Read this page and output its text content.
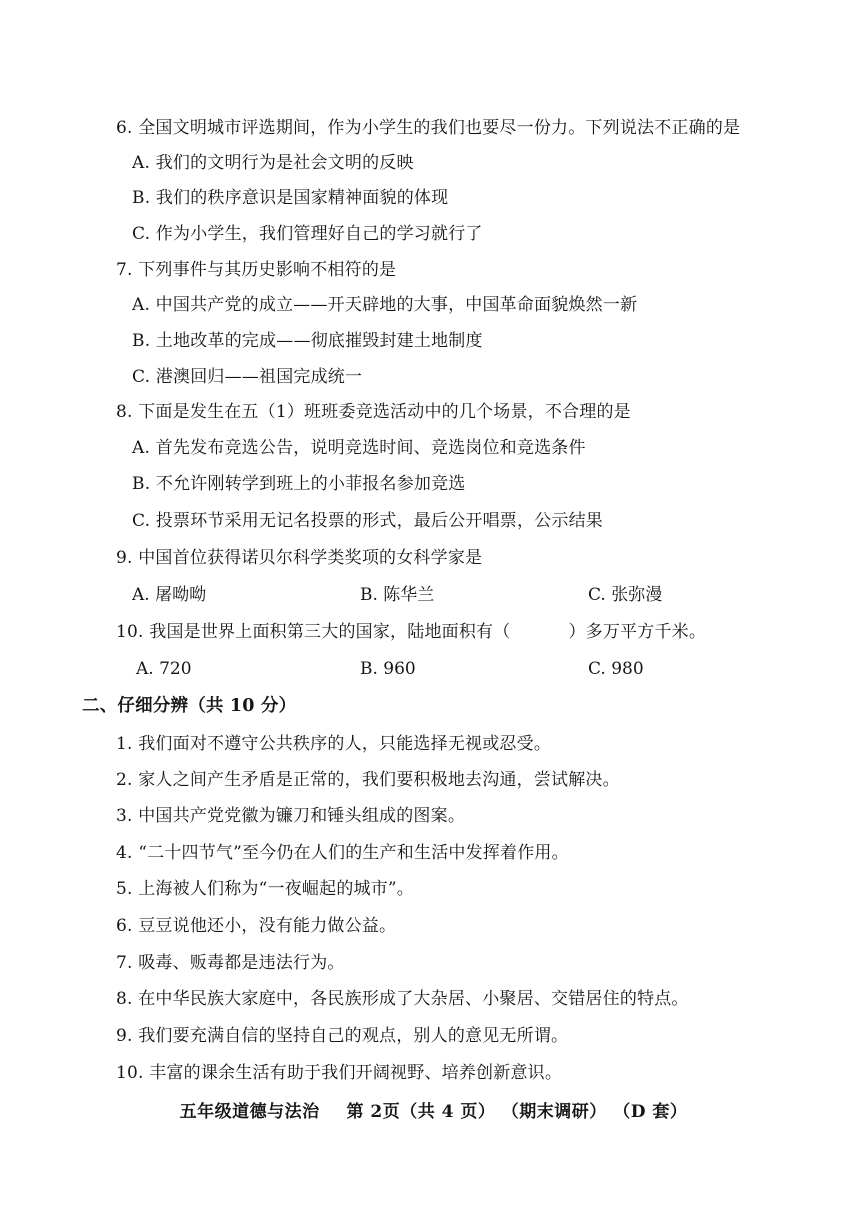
6. 全国文明城市评选期间，作为小学生的我们也要尽一份力。下列说法不正确的是
A. 我们的文明行为是社会文明的反映
B. 我们的秩序意识是国家精神面貌的体现
C. 作为小学生，我们管理好自己的学习就行了
7. 下列事件与其历史影响不相符的是
A. 中国共产党的成立——开天辟地的大事，中国革命面貌焕然一新
B. 土地改革的完成——彻底摧毁封建土地制度
C. 港澳回归——祖国完成统一
8. 下面是发生在五（1）班班委竞选活动中的几个场景，不合理的是
A. 首先发布竞选公告，说明竞选时间、竞选岗位和竞选条件
B. 不允许刚转学到班上的小菲报名参加竞选
C. 投票环节采用无记名投票的形式，最后公开唱票，公示结果
9. 中国首位获得诺贝尔科学类奖项的女科学家是
A. 屠呦呦	B. 陈华兰	C. 张弥漫
10. 我国是世界上面积第三大的国家，陆地面积有（	）多万平方千米。
A. 720	B. 960	C. 980
二、仔细分辨（共 10 分）
1. 我们面对不遵守公共秩序的人，只能选择无视或忍受。
2. 家人之间产生矛盾是正常的，我们要积极地去沟通，尝试解决。
3. 中国共产党党徽为镰刀和锤头组成的图案。
4. “二十四节气”至今仍在人们的生产和生活中发挥着作用。
5. 上海被人们称为“一夜崛起的城市”。
6. 豆豆说他还小，没有能力做公益。
7. 吸毒、贩毒都是违法行为。
8. 在中华民族大家庭中，各民族形成了大杂居、小聚居、交错居住的特点。
9. 我们要充满自信的坚持自己的观点，别人的意见无所谓。
10. 丰富的课余生活有助于我们开阔视野、培养创新意识。
五年级道德与法治 第 2页（共 4 页） （期末调研） （D 套）
